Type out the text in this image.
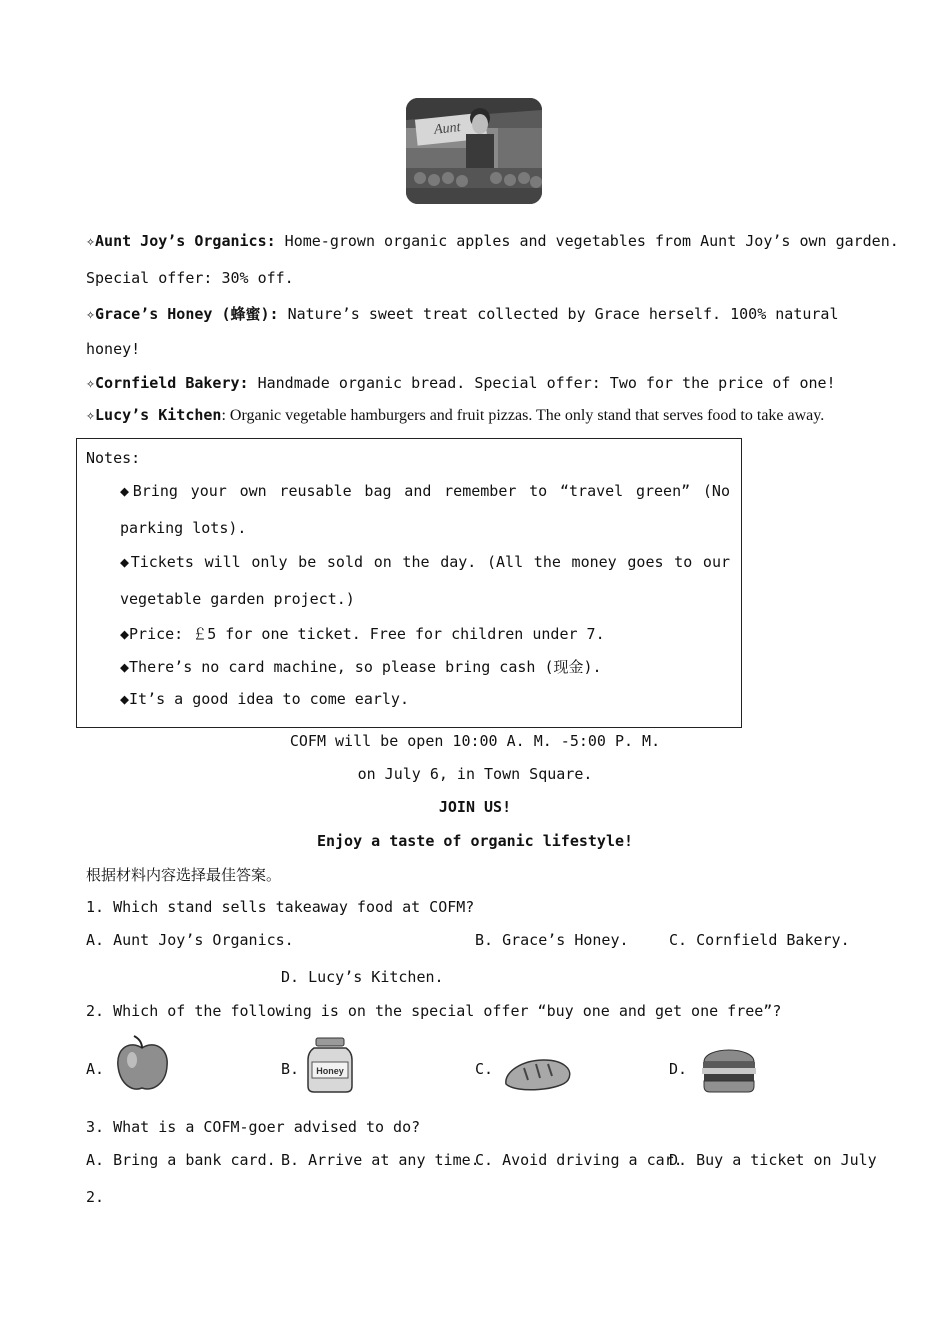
Aunt
✧Aunt Joy’s Organics: Home-grown organic apples and vegetables from Aunt Joy’s own garden.
Special offer: 30% off.
✧Grace’s Honey (蜂蜜): Nature’s sweet treat collected by Grace herself. 100% natural
honey!
✧Cornfield Bakery: Handmade organic bread. Special offer: Two for the price of one!
✧Lucy’s Kitchen: Organic vegetable hamburgers and fruit pizzas. The only stand that serves food to take away.
Notes:
◆Bring your own reusable bag and remember to “travel green” (No
parking lots).
◆Tickets will only be sold on the day. (All the money goes to our
vegetable garden project.)
◆Price: ￡5 for one ticket. Free for children under 7.
◆There’s no card machine, so please bring cash (现金).
◆It’s a good idea to come early.
COFM will be open 10:00 A. M. -5:00 P. M.
on July 6, in Town Square.
JOIN US!
Enjoy a taste of organic lifestyle!
根据材料内容选择最佳答案。
1. Which stand sells takeaway food at COFM?
A. Aunt Joy’s Organics.	B. Grace’s Honey.	C. Cornfield Bakery.
D. Lucy’s Kitchen.
2. Which of the following is on the special offer “buy one and get one free”?
A.	B. Honey	C.	D.
3. What is a COFM-goer advised to do?
A. Bring a bank card. B. Arrive at any time.
C. Avoid driving a car.
D. Buy a ticket on July
2.
